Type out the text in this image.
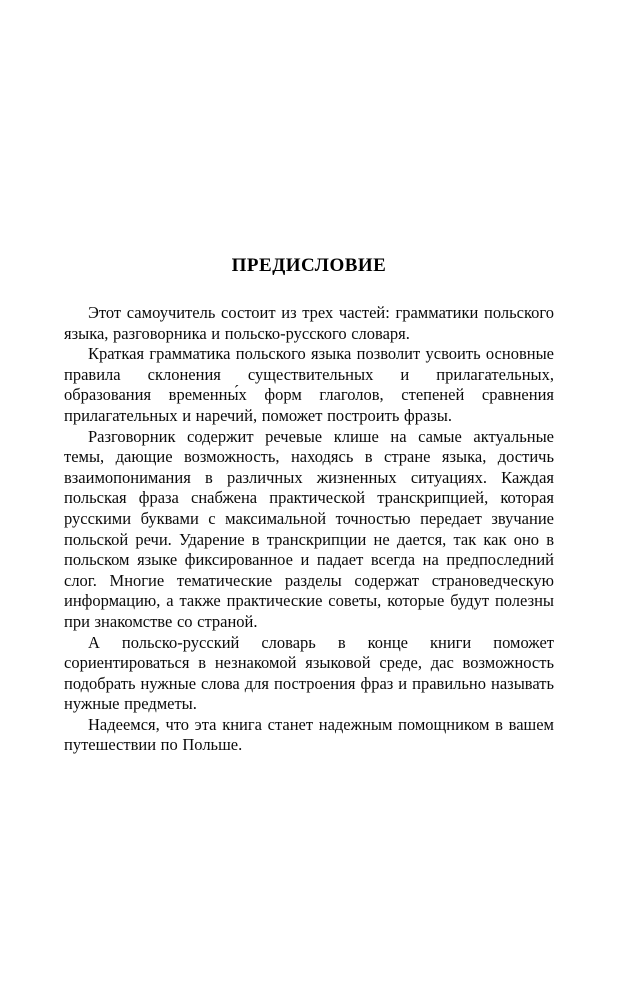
ПРЕДИСЛОВИЕ

Этот самоучитель состоит из трех частей: грамматики польского языка, разговорника и польско-русского словаря.

Краткая грамматика польского языка позволит усвоить основные правила склонения существительных и прилагательных, образования временны́х форм глаголов, степеней сравнения прилагательных и наречий, поможет построить фразы.

Разговорник содержит речевые клише на самые актуальные темы, дающие возможность, находясь в стране языка, достичь взаимопонимания в различных жизненных ситуациях. Каждая польская фраза снабжена практической транскрипцией, которая русскими буквами с максимальной точностью передает звучание польской речи. Ударение в транскрипции не дается, так как оно в польском языке фиксированное и падает всегда на предпоследний слог. Многие тематические разделы содержат страноведческую информацию, а также практические советы, которые будут полезны при знакомстве со страной.

А польско-русский словарь в конце книги поможет сориентироваться в незнакомой языковой среде, дас возможность подобрать нужные слова для построения фраз и правильно называть нужные предметы.

Надеемся, что эта книга станет надежным помощником в вашем путешествии по Польше.
